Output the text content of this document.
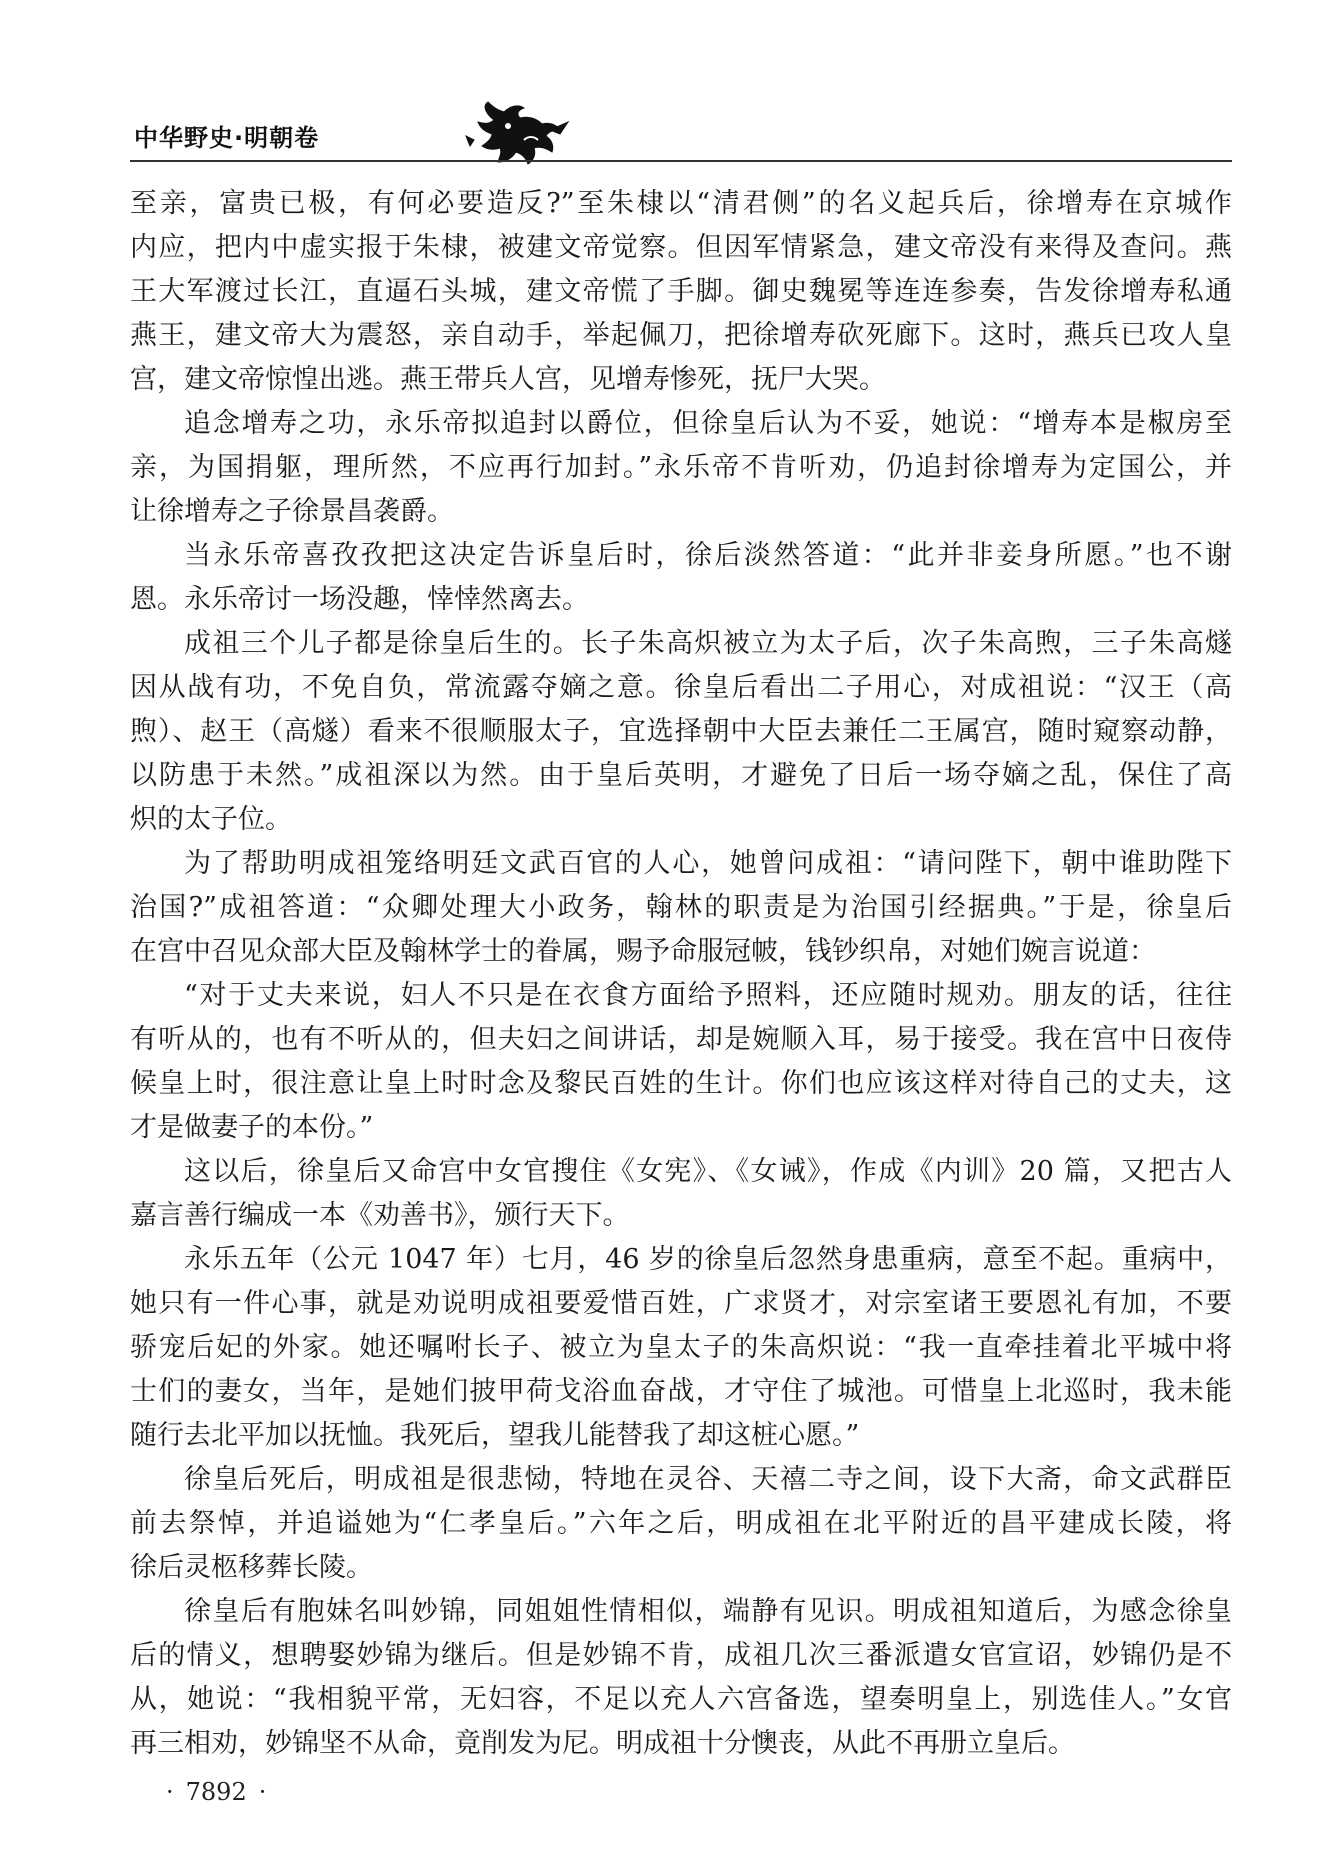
中华野史·明朝卷
至亲，富贵已极，有何必要造反?”至朱棣以“清君侧”的名义起兵后，徐增寿在京城作
内应，把内中虚实报于朱棣，被建文帝觉察。但因军情紧急，建文帝没有来得及查问。燕
王大军渡过长江，直逼石头城，建文帝慌了手脚。御史魏冕等连连参奏，告发徐增寿私通
燕王，建文帝大为震怒，亲自动手，举起佩刀，把徐增寿砍死廊下。这时，燕兵已攻人皇
宫，建文帝惊惶出逃。燕王带兵人宫，见增寿惨死，抚尸大哭。
追念增寿之功，永乐帝拟追封以爵位，但徐皇后认为不妥，她说：“增寿本是椒房至
亲，为国捐躯，理所然，不应再行加封。”永乐帝不肯听劝，仍追封徐增寿为定国公，并
让徐增寿之子徐景昌袭爵。
当永乐帝喜孜孜把这决定告诉皇后时，徐后淡然答道：“此并非妾身所愿。”也不谢
恩。永乐帝讨一场没趣，悻悻然离去。
成祖三个儿子都是徐皇后生的。长子朱高炽被立为太子后，次子朱高煦，三子朱高燧
因从战有功，不免自负，常流露夺嫡之意。徐皇后看出二子用心，对成祖说：“汉王（高
煦）、赵王（高燧）看来不很顺服太子，宜选择朝中大臣去兼任二王属宫，随时窥察动静，
以防患于未然。”成祖深以为然。由于皇后英明，才避免了日后一场夺嫡之乱，保住了高
炽的太子位。
为了帮助明成祖笼络明廷文武百官的人心，她曾问成祖：“请问陛下，朝中谁助陛下
治国?”成祖答道：“众卿处理大小政务，翰林的职责是为治国引经据典。”于是，徐皇后
在宫中召见众部大臣及翰林学士的眷属，赐予命服冠帔，钱钞织帛，对她们婉言说道：
“对于丈夫来说，妇人不只是在衣食方面给予照料，还应随时规劝。朋友的话，往往
有听从的，也有不听从的，但夫妇之间讲话，却是婉顺入耳，易于接受。我在宫中日夜侍
候皇上时，很注意让皇上时时念及黎民百姓的生计。你们也应该这样对待自己的丈夫，这
才是做妻子的本份。”
这以后，徐皇后又命宫中女官搜住《女宪》、《女诫》，作成《内训》20 篇，又把古人
嘉言善行编成一本《劝善书》，颁行天下。
永乐五年（公元 1047 年）七月，46 岁的徐皇后忽然身患重病，意至不起。重病中，
她只有一件心事，就是劝说明成祖要爱惜百姓，广求贤才，对宗室诸王要恩礼有加，不要
骄宠后妃的外家。她还嘱咐长子、被立为皇太子的朱高炽说：“我一直牵挂着北平城中将
士们的妻女，当年，是她们披甲荷戈浴血奋战，才守住了城池。可惜皇上北巡时，我未能
随行去北平加以抚恤。我死后，望我儿能替我了却这桩心愿。”
徐皇后死后，明成祖是很悲恸，特地在灵谷、天禧二寺之间，设下大斋，命文武群臣
前去祭悼，并追谥她为“仁孝皇后。”六年之后，明成祖在北平附近的昌平建成长陵，将
徐后灵柩移葬长陵。
徐皇后有胞妹名叫妙锦，同姐姐性情相似，端静有见识。明成祖知道后，为感念徐皇
后的情义，想聘娶妙锦为继后。但是妙锦不肯，成祖几次三番派遣女官宣诏，妙锦仍是不
从，她说：“我相貌平常，无妇容，不足以充人六宫备选，望奏明皇上，别选佳人。”女官
再三相劝，妙锦坚不从命，竟削发为尼。明成祖十分懊丧，从此不再册立皇后。
· 7892 ·
